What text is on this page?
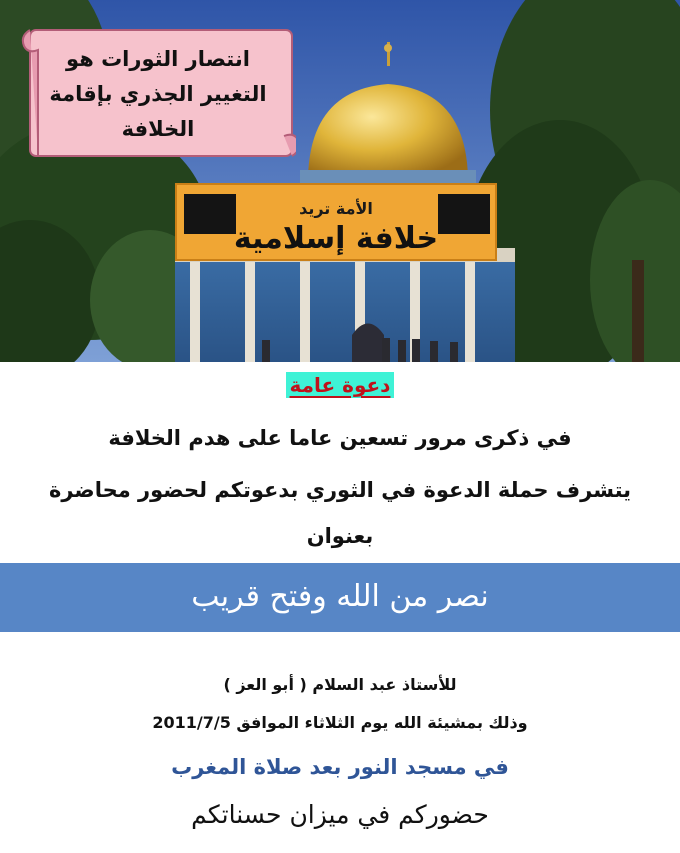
الأمة تريد
خلافة إسلامية
انتصار الثورات هو التغيير الجذري بإقامة الخلافة
دعوة عامة
في ذكرى مرور تسعين عاما على هدم الخلافة
يتشرف حملة الدعوة في الثوري بدعوتكم لحضور محاضرة
بعنوان
نصر من الله وفتح قريب
للأستاذ عبد السلام ( أبو العز )
وذلك بمشيئة الله يوم الثلاثاء الموافق 2011/7/5
في مسجد النور بعد صلاة المغرب
حضوركم في ميزان حسناتكم
